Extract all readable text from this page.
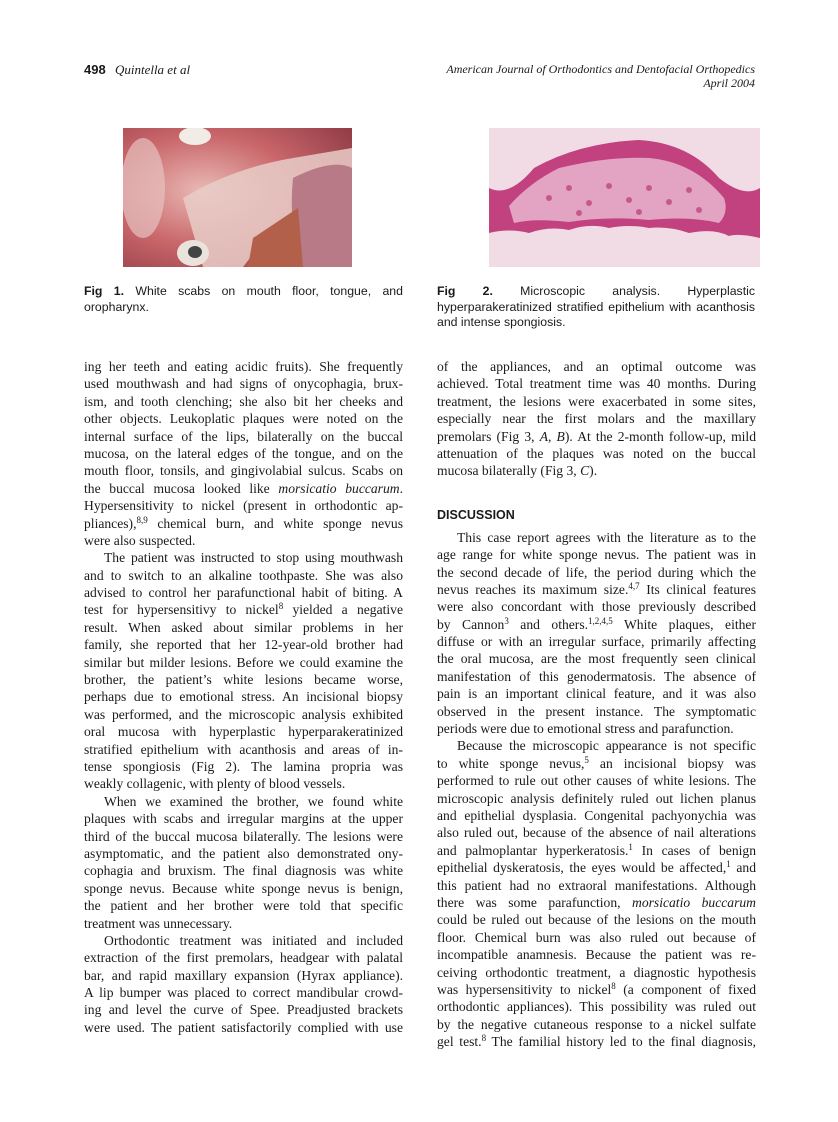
498 Quintella et al	American Journal of Orthodontics and Dentofacial Orthopedics
April 2004
Fig 1. White scabs on mouth floor, tongue, and oropharynx.
Fig 2. Microscopic analysis. Hyperplastic hyperparakeratinized stratified epithelium with acanthosis and intense spongiosis.
ing her teeth and eating acidic fruits). She frequently
used mouthwash and had signs of onycophagia, brux-
ism, and tooth clenching; she also bit her cheeks and
other objects. Leukoplatic plaques were noted on the
internal surface of the lips, bilaterally on the buccal
mucosa, on the lateral edges of the tongue, and on the
mouth floor, tonsils, and gingivolabial sulcus. Scabs on
the buccal mucosa looked like morsicatio buccarum.
Hypersensitivity to nickel (present in orthodontic ap-
pliances),$^{8,9}$ chemical burn, and white sponge nevus
were also suspected.
The patient was instructed to stop using mouthwash
and to switch to an alkaline toothpaste. She was also
advised to control her parafunctional habit of biting. A
test for hypersensitivy to nickel$^8$ yielded a negative
result. When asked about similar problems in her
family, she reported that her 12-year-old brother had
similar but milder lesions. Before we could examine the
brother, the patient’s white lesions became worse,
perhaps due to emotional stress. An incisional biopsy
was performed, and the microscopic analysis exhibited
oral mucosa with hyperplastic hyperparakeratinized
stratified epithelium with acanthosis and areas of in-
tense spongiosis (Fig 2). The lamina propria was
weakly collagenic, with plenty of blood vessels.
When we examined the brother, we found white
plaques with scabs and irregular margins at the upper
third of the buccal mucosa bilaterally. The lesions were
asymptomatic, and the patient also demonstrated ony-
cophagia and bruxism. The final diagnosis was white
sponge nevus. Because white sponge nevus is benign,
the patient and her brother were told that specific
treatment was unnecessary.
Orthodontic treatment was initiated and included
extraction of the first premolars, headgear with palatal
bar, and rapid maxillary expansion (Hyrax appliance).
A lip bumper was placed to correct mandibular crowd-
ing and level the curve of Spee. Preadjusted brackets
were used. The patient satisfactorily complied with use
of the appliances, and an optimal outcome was
achieved. Total treatment time was 40 months. During
treatment, the lesions were exacerbated in some sites,
especially near the first molars and the maxillary
premolars (Fig 3, A, B). At the 2-month follow-up, mild
attenuation of the plaques was noted on the buccal
mucosa bilaterally (Fig 3, C).
DISCUSSION
This case report agrees with the literature as to the
age range for white sponge nevus. The patient was in
the second decade of life, the period during which the
nevus reaches its maximum size.$^{4,7}$ Its clinical features
were also concordant with those previously described
by Cannon$^3$ and others.$^{1,2,4,5}$ White plaques, either
diffuse or with an irregular surface, primarily affecting
the oral mucosa, are the most frequently seen clinical
manifestation of this genodermatosis. The absence of
pain is an important clinical feature, and it was also
observed in the present instance. The symptomatic
periods were due to emotional stress and parafunction.
Because the microscopic appearance is not specific
to white sponge nevus,$^5$ an incisional biopsy was
performed to rule out other causes of white lesions. The
microscopic analysis definitely ruled out lichen planus
and epithelial dysplasia. Congenital pachyonychia was
also ruled out, because of the absence of nail alterations
and palmoplantar hyperkeratosis.$^1$ In cases of benign
epithelial dyskeratosis, the eyes would be affected,$^1$ and
this patient had no extraoral manifestations. Although
there was some parafunction, morsicatio buccarum
could be ruled out because of the lesions on the mouth
floor. Chemical burn was also ruled out because of
incompatible anamnesis. Because the patient was re-
ceiving orthodontic treatment, a diagnostic hypothesis
was hypersensitivity to nickel$^8$ (a component of fixed
orthodontic appliances). This possibility was ruled out
by the negative cutaneous response to a nickel sulfate
gel test.$^8$ The familial history led to the final diagnosis,
